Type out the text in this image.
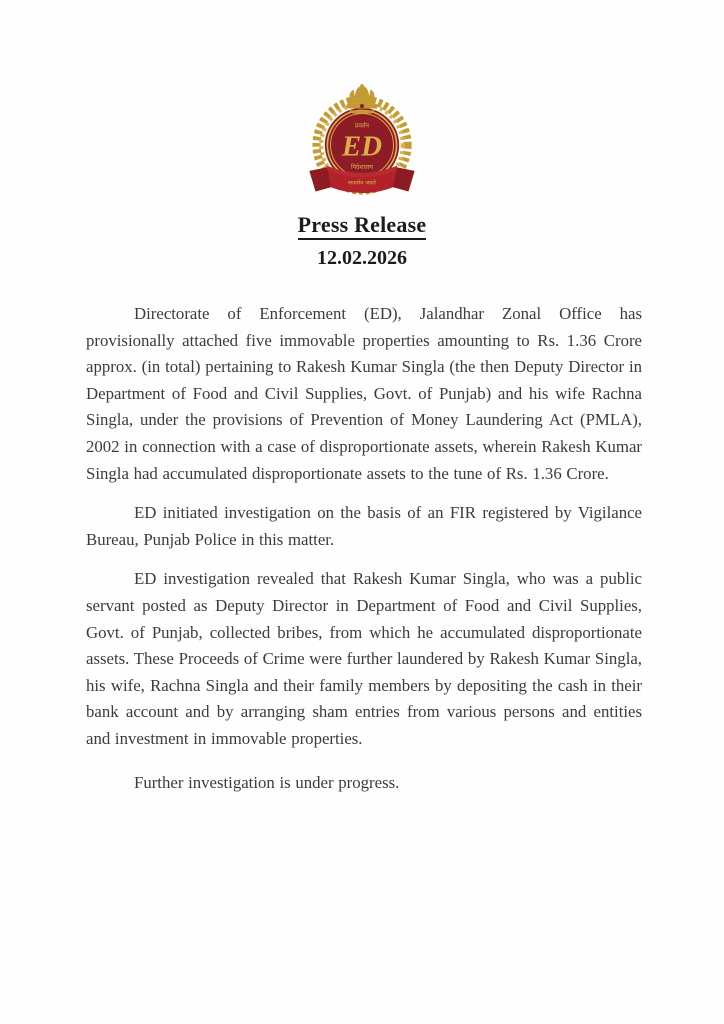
प्रवर्तन
ED
निदेशालय
सत्यमेव जयते
Press Release
12.02.2026

Directorate of Enforcement (ED), Jalandhar Zonal Office has provisionally attached five immovable properties amounting to Rs. 1.36 Crore approx. (in total) pertaining to Rakesh Kumar Singla (the then Deputy Director in Department of Food and Civil Supplies, Govt. of Punjab) and his wife Rachna Singla, under the provisions of Prevention of Money Laundering Act (PMLA), 2002 in connection with a case of disproportionate assets, wherein Rakesh Kumar Singla had accumulated disproportionate assets to the tune of Rs. 1.36 Crore.

ED initiated investigation on the basis of an FIR registered by Vigilance Bureau, Punjab Police in this matter.

ED investigation revealed that Rakesh Kumar Singla, who was a public servant posted as Deputy Director in Department of Food and Civil Supplies, Govt. of Punjab, collected bribes, from which he accumulated disproportionate assets. These Proceeds of Crime were further laundered by Rakesh Kumar Singla, his wife, Rachna Singla and their family members by depositing the cash in their bank account and by arranging sham entries from various persons and entities and investment in immovable properties.

Further investigation is under progress.
